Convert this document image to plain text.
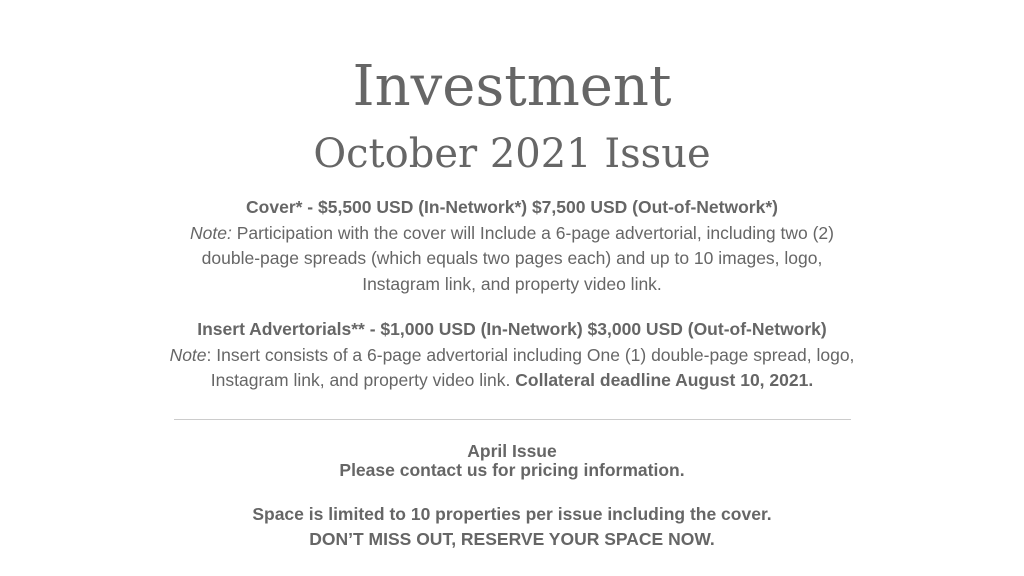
Investment
October 2021 Issue
Cover* - $5,500 USD (In-Network*) $7,500 USD (Out-of-Network*)
Note: Participation with the cover will Include a 6-page advertorial, including two (2) double-page spreads (which equals two pages each) and up to 10 images, logo, Instagram link, and property video link.
Insert Advertorials** - $1,000 USD (In-Network) $3,000 USD (Out-of-Network)
Note: Insert consists of a 6-page advertorial including One (1) double-page spread, logo, Instagram link, and property video link. Collateral deadline August 10, 2021.
April Issue
Please contact us for pricing information.
Space is limited to 10 properties per issue including the cover.
DON’T MISS OUT, RESERVE YOUR SPACE NOW.
